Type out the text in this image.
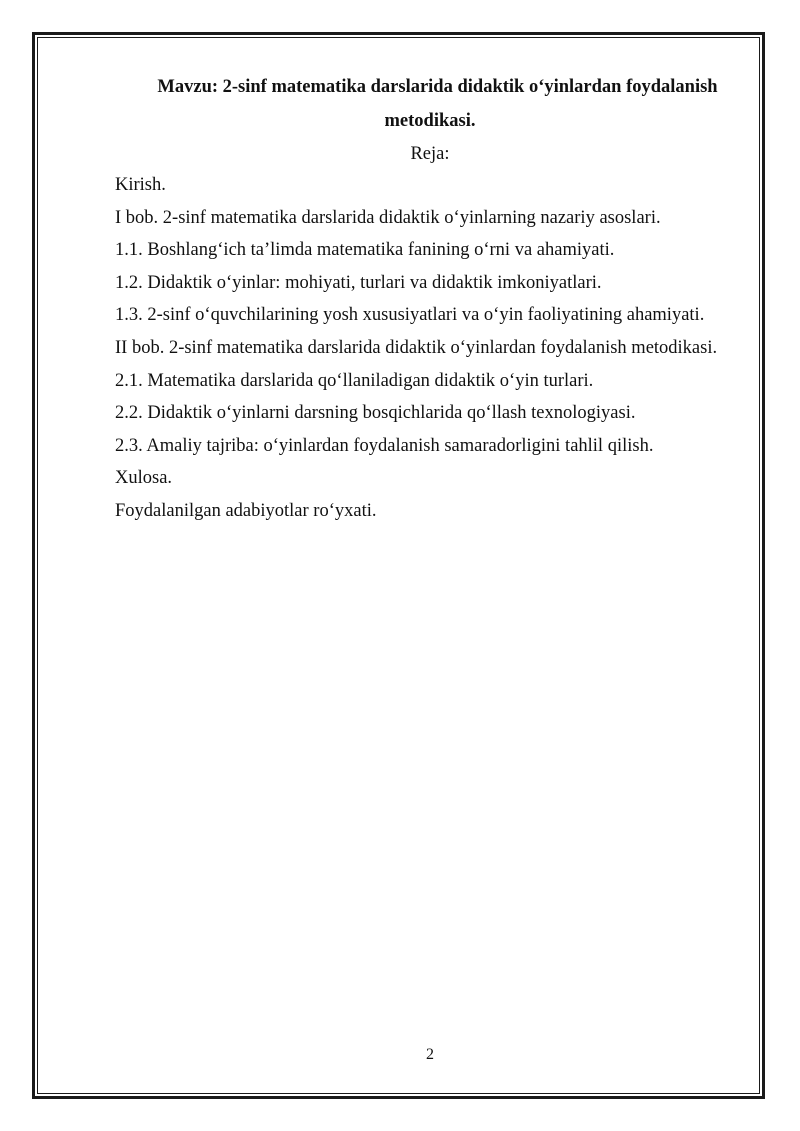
Mavzu: 2-sinf matematika darslarida didaktik o‘yinlardan foydalanish
metodikasi.
Reja:
Kirish.
I bob. 2-sinf matematika darslarida didaktik o‘yinlarning nazariy asoslari.
1.1. Boshlang‘ich ta’limda matematika fanining o‘rni va ahamiyati.
1.2. Didaktik o‘yinlar: mohiyati, turlari va didaktik imkoniyatlari.
1.3. 2-sinf o‘quvchilarining yosh xususiyatlari va o‘yin faoliyatining ahamiyati.
II bob. 2-sinf matematika darslarida didaktik o‘yinlardan foydalanish metodikasi.
2.1. Matematika darslarida qo‘llaniladigan didaktik o‘yin turlari.
2.2. Didaktik o‘yinlarni darsning bosqichlarida qo‘llash texnologiyasi.
2.3. Amaliy tajriba: o‘yinlardan foydalanish samaradorligini tahlil qilish.
Xulosa.
Foydalanilgan adabiyotlar ro‘yxati.
2
